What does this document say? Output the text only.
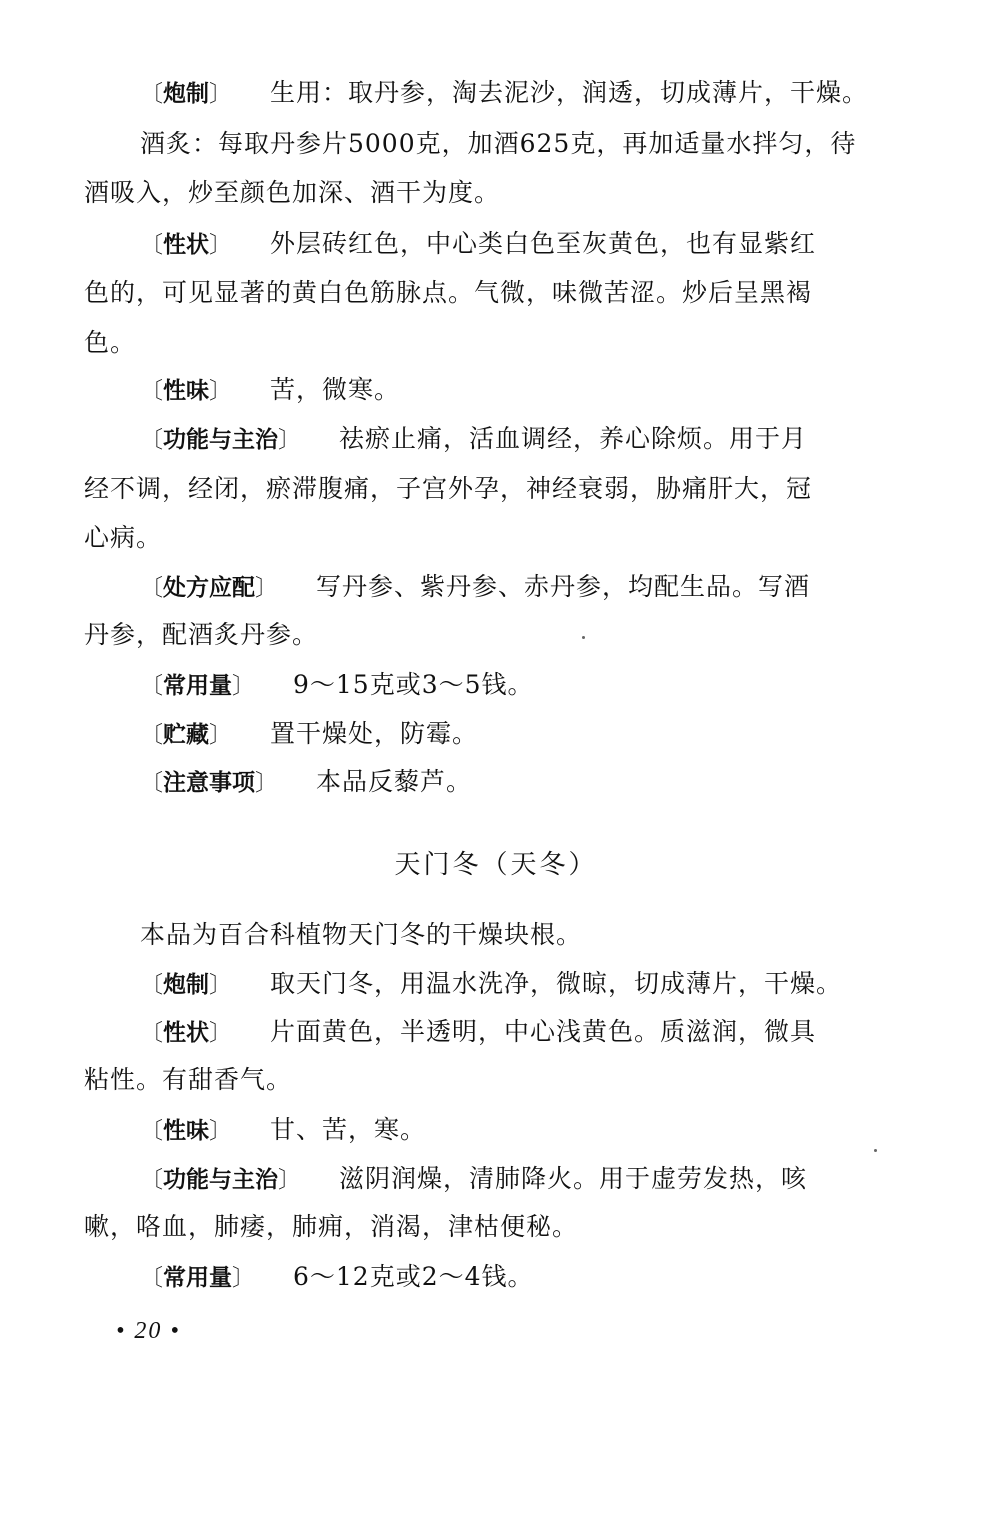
〔炮制〕 生用：取丹参，淘去泥沙，润透，切成薄片，干燥。
酒炙：每取丹参片5000克，加酒625克，再加适量水拌匀，待
酒吸入，炒至颜色加深、酒干为度。
〔性状〕 外层砖红色，中心类白色至灰黄色，也有显紫红
色的，可见显著的黄白色筋脉点。气微，味微苦涩。炒后呈黑褐
色。
〔性味〕 苦，微寒。
〔功能与主治〕 祛瘀止痛，活血调经，养心除烦。用于月
经不调，经闭，瘀滞腹痛，子宫外孕，神经衰弱，胁痛肝大，冠
心病。
〔处方应配〕 写丹参、紫丹参、赤丹参，均配生品。写酒
丹参，配酒炙丹参。
〔常用量〕 9～15克或3～5钱。
〔贮藏〕 置干燥处，防霉。
〔注意事项〕 本品反藜芦。
天门冬（天冬）
本品为百合科植物天门冬的干燥块根。
〔炮制〕 取天门冬，用温水洗净，微晾，切成薄片，干燥。
〔性状〕 片面黄色，半透明，中心浅黄色。质滋润，微具
粘性。有甜香气。
〔性味〕 甘、苦，寒。
〔功能与主治〕 滋阴润燥，清肺降火。用于虚劳发热，咳
嗽，咯血，肺痿，肺痈，消渴，津枯便秘。
〔常用量〕 6～12克或2～4钱。
• 20 •
